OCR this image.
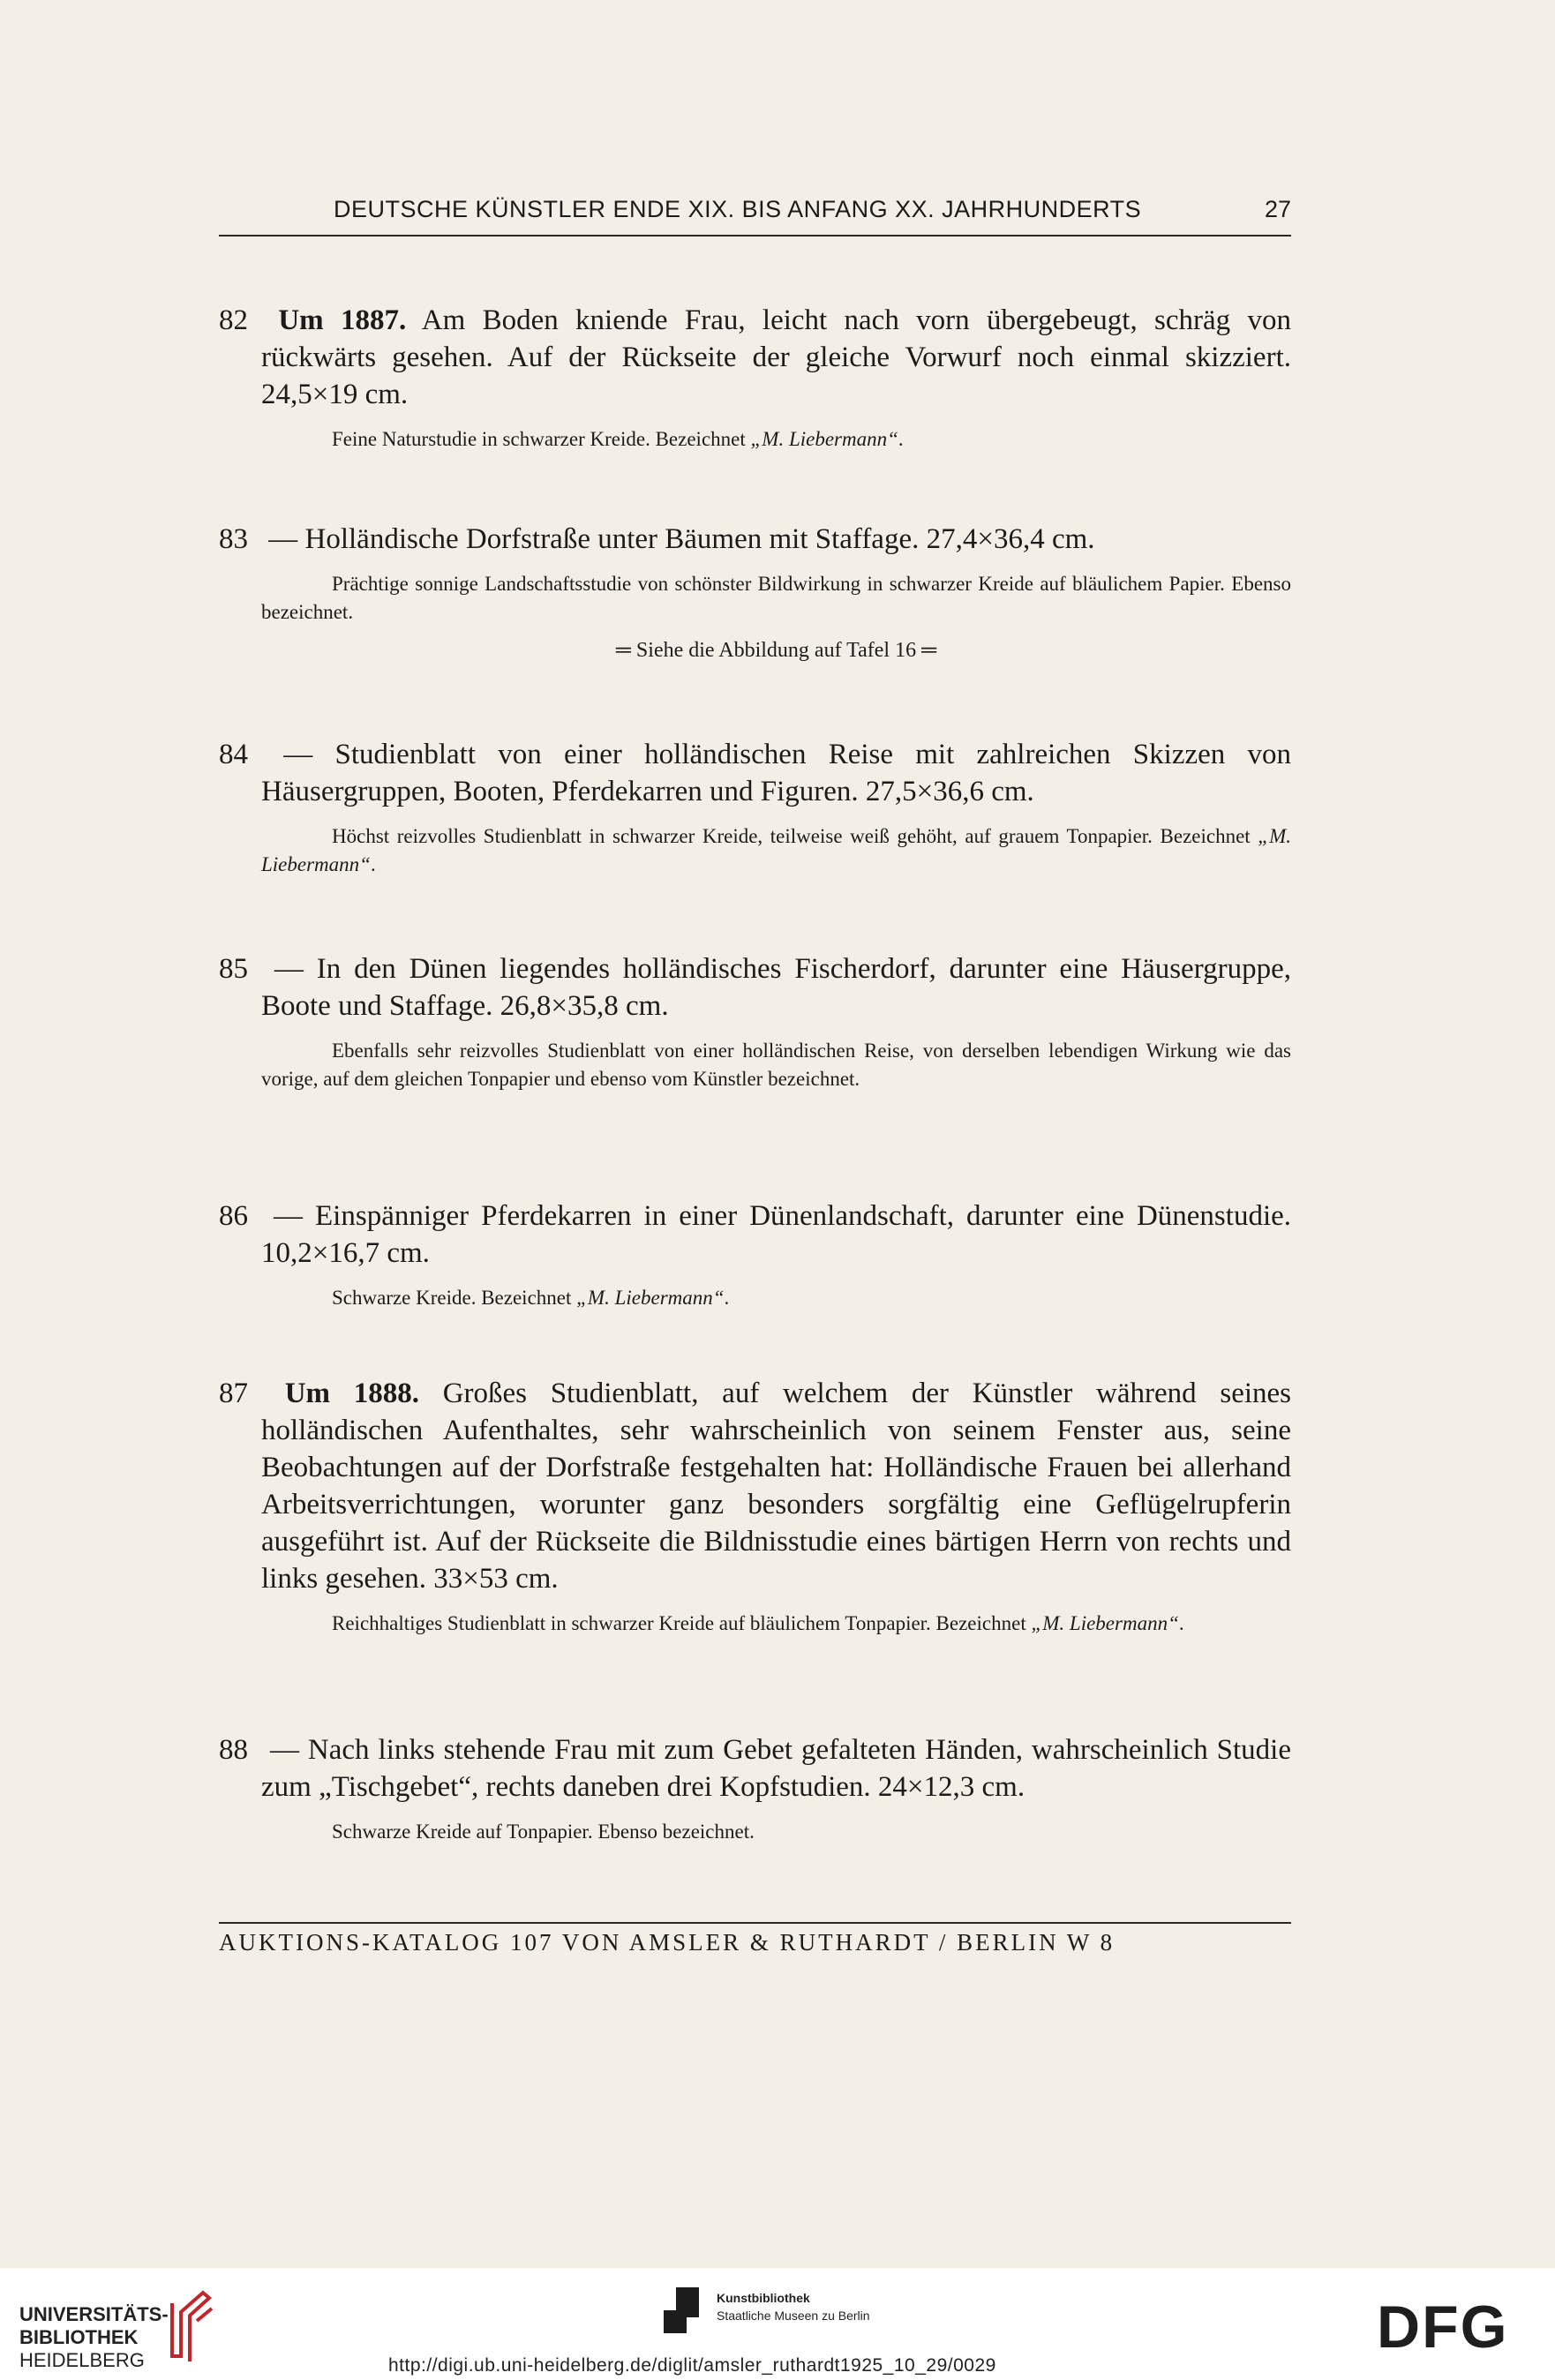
DEUTSCHE KÜNSTLER ENDE XIX. BIS ANFANG XX. JAHRHUNDERTS	27
82 Um 1887. Am Boden kniende Frau, leicht nach vorn übergebeugt, schräg von rückwärts gesehen. Auf der Rückseite der gleiche Vorwurf noch einmal skizziert. 24,5×19 cm.
Feine Naturstudie in schwarzer Kreide. Bezeichnet „M. Liebermann“.
83 — Holländische Dorfstraße unter Bäumen mit Staffage. 27,4×36,4 cm.
Prächtige sonnige Landschaftsstudie von schönster Bildwirkung in schwarzer Kreide auf bläulichem Papier. Ebenso bezeichnet.
═ Siehe die Abbildung auf Tafel 16 ═
84 — Studienblatt von einer holländischen Reise mit zahlreichen Skizzen von Häusergruppen, Booten, Pferdekarren und Figuren. 27,5×36,6 cm.
Höchst reizvolles Studienblatt in schwarzer Kreide, teilweise weiß gehöht, auf grauem Tonpapier. Bezeichnet „M. Liebermann“.
85 — In den Dünen liegendes holländisches Fischerdorf, darunter eine Häusergruppe, Boote und Staffage. 26,8×35,8 cm.
Ebenfalls sehr reizvolles Studienblatt von einer holländischen Reise, von derselben lebendigen Wirkung wie das vorige, auf dem gleichen Tonpapier und ebenso vom Künstler bezeichnet.
86 — Einspänniger Pferdekarren in einer Dünenlandschaft, darunter eine Dünenstudie. 10,2×16,7 cm.
Schwarze Kreide. Bezeichnet „M. Liebermann“.
87 Um 1888. Großes Studienblatt, auf welchem der Künstler während seines holländischen Aufenthaltes, sehr wahrscheinlich von seinem Fenster aus, seine Beobachtungen auf der Dorfstraße festgehalten hat: Holländische Frauen bei allerhand Arbeitsverrichtungen, worunter ganz besonders sorgfältig eine Geflügelrupferin ausgeführt ist. Auf der Rückseite die Bildnisstudie eines bärtigen Herrn von rechts und links gesehen. 33×53 cm.
Reichhaltiges Studienblatt in schwarzer Kreide auf bläulichem Tonpapier. Bezeichnet „M. Liebermann“.
88 — Nach links stehende Frau mit zum Gebet gefalteten Händen, wahrscheinlich Studie zum „Tischgebet“, rechts daneben drei Kopfstudien. 24×12,3 cm.
Schwarze Kreide auf Tonpapier. Ebenso bezeichnet.
AUKTIONS-KATALOG 107 VON AMSLER & RUTHARDT / BERLIN W 8
UNIVERSITÄTS-
BIBLIOTHEK
HEIDELBERG
Kunstbibliothek
Staatliche Museen zu Berlin	DFG
http://digi.ub.uni-heidelberg.de/diglit/amsler_ruthardt1925_10_29/0029
